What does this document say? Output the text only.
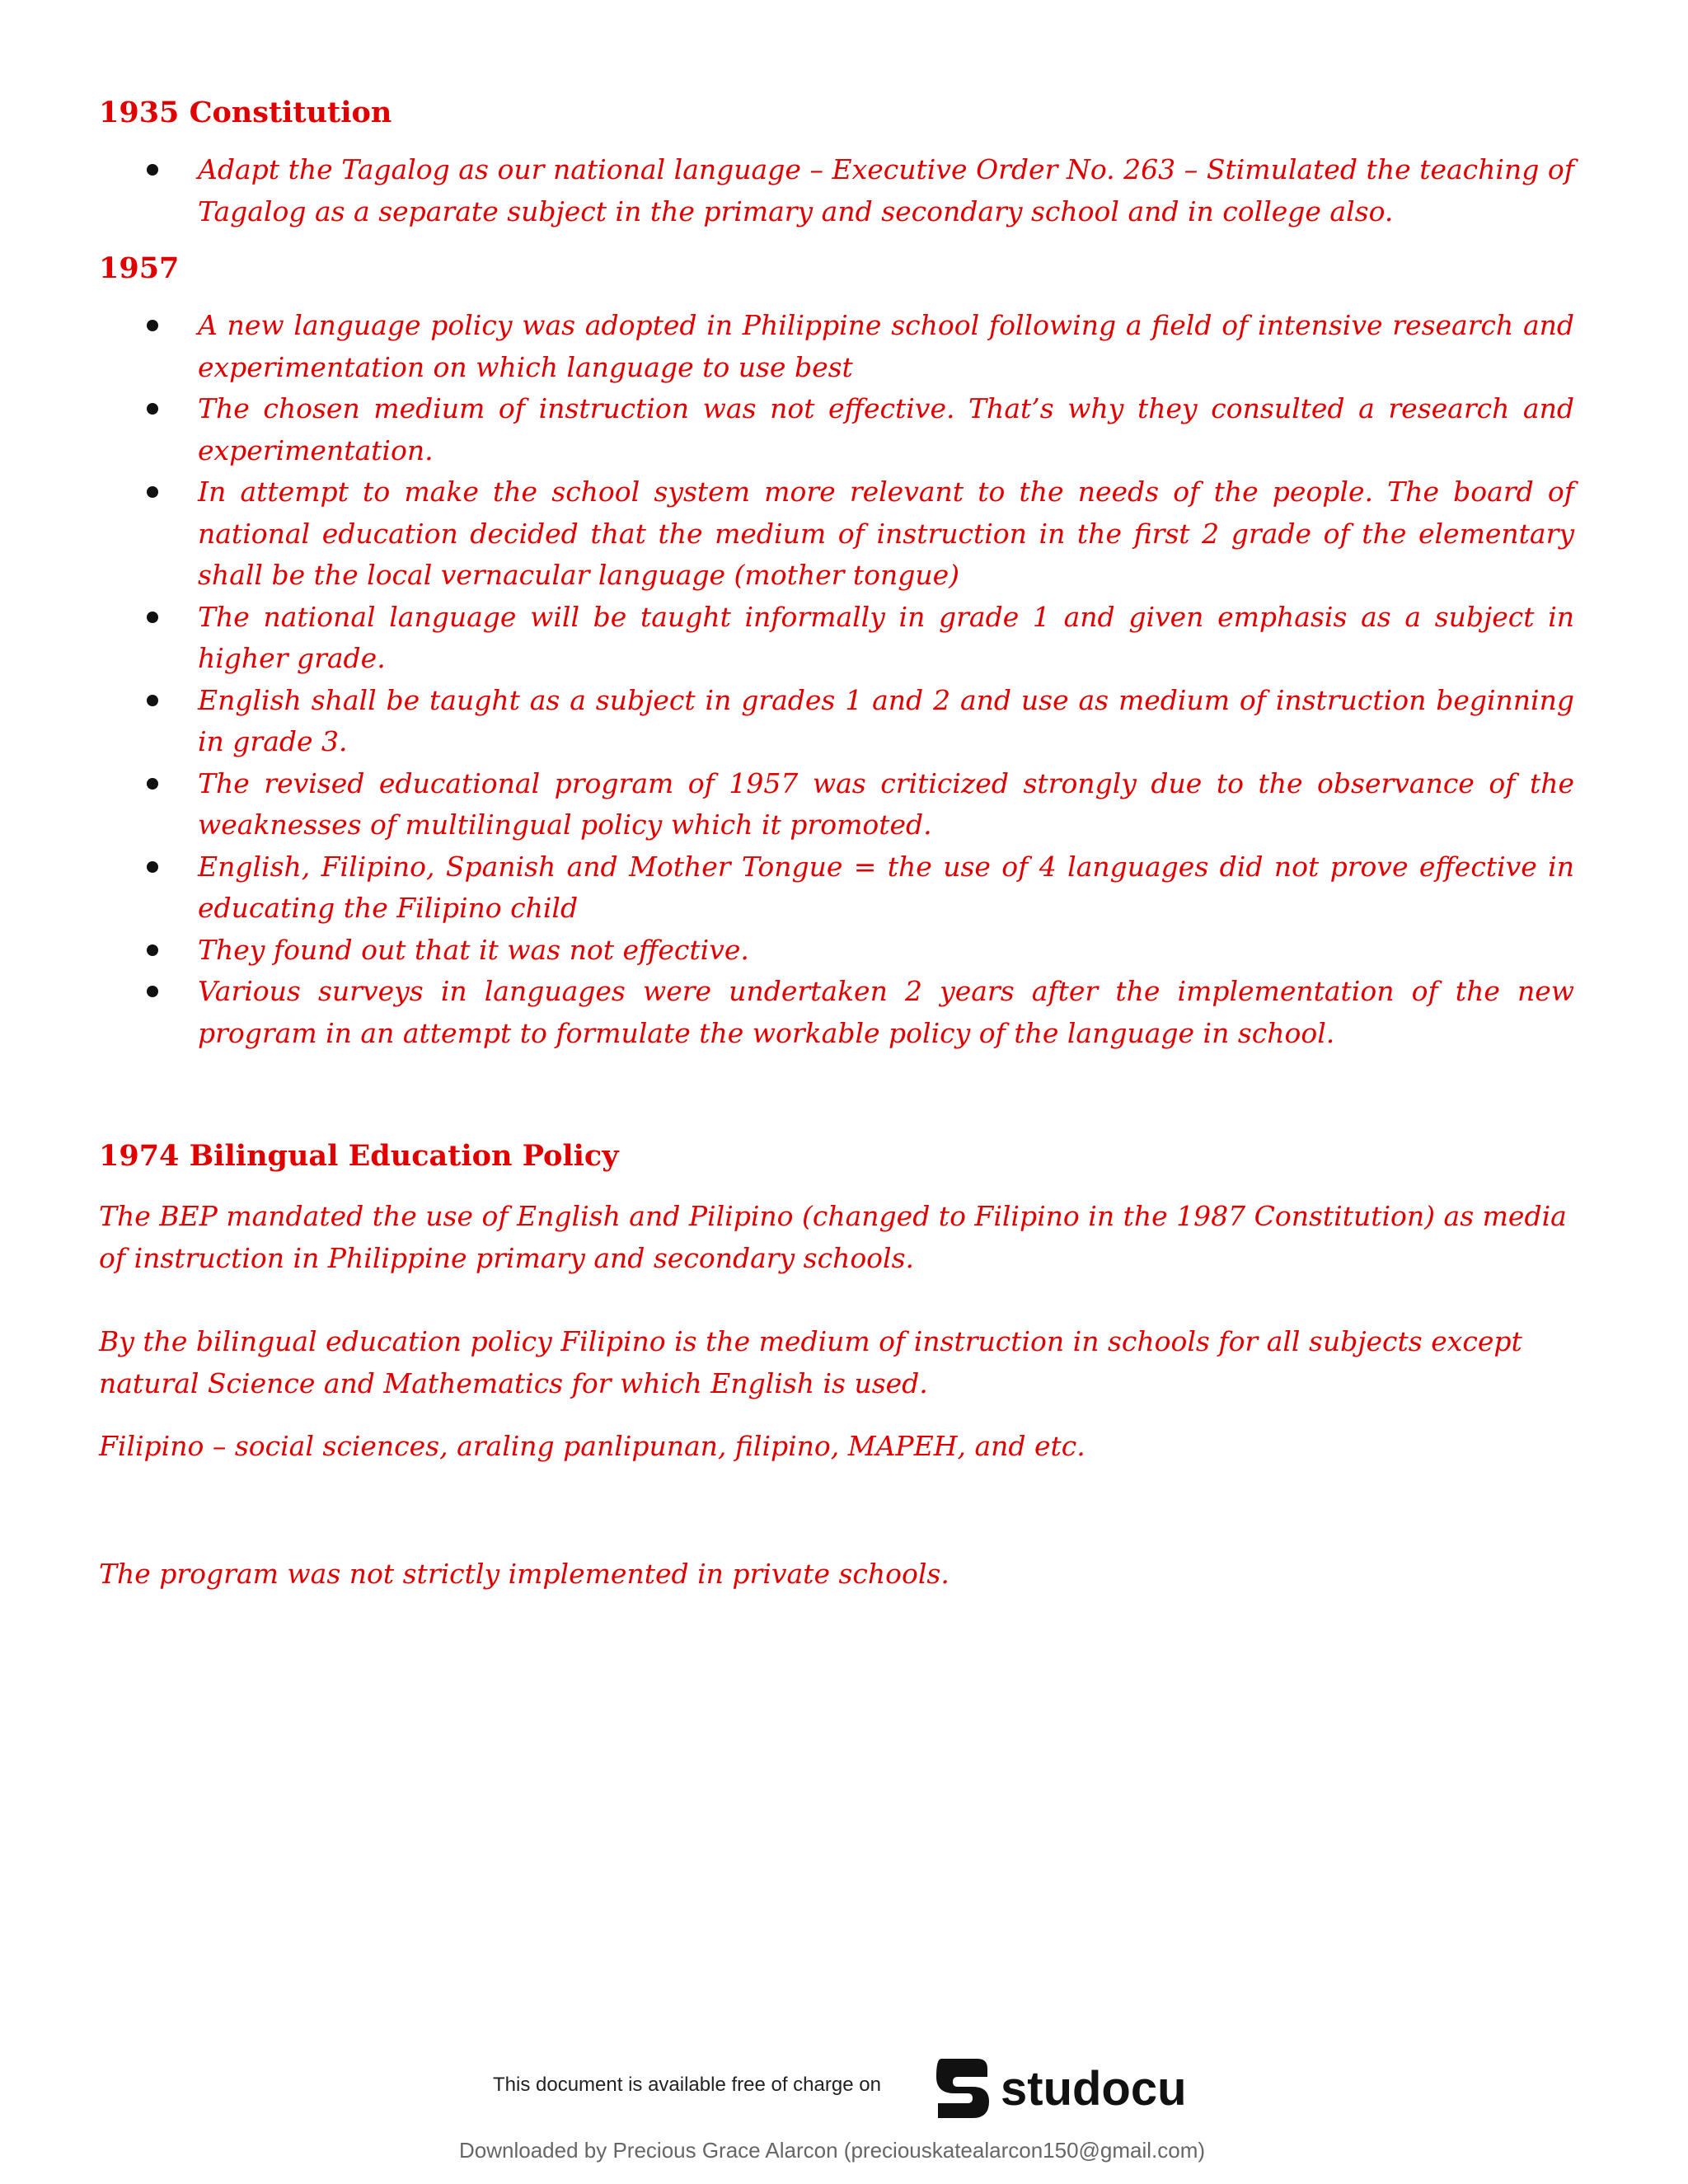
1935 Constitution
Adapt the Tagalog as our national language – Executive Order No. 263 – Stimulated the teaching of Tagalog as a separate subject in the primary and secondary school and in college also.
1957
A new language policy was adopted in Philippine school following a field of intensive research and experimentation on which language to use best
The chosen medium of instruction was not effective. That’s why they consulted a research and experimentation.
In attempt to make the school system more relevant to the needs of the people. The board of national education decided that the medium of instruction in the first 2 grade of the elementary shall be the local vernacular language (mother tongue)
The national language will be taught informally in grade 1 and given emphasis as a subject in higher grade.
English shall be taught as a subject in grades 1 and 2 and use as medium of instruction beginning in grade 3.
The revised educational program of 1957 was criticized strongly due to the observance of the weaknesses of multilingual policy which it promoted.
English, Filipino, Spanish and Mother Tongue = the use of 4 languages did not prove effective in educating the Filipino child
They found out that it was not effective.
Various surveys in languages were undertaken 2 years after the implementation of the new program in an attempt to formulate the workable policy of the language in school.
1974 Bilingual Education Policy

The BEP mandated the use of English and Pilipino (changed to Filipino in the 1987 Constitution) as media of instruction in Philippine primary and secondary schools.

By the bilingual education policy Filipino is the medium of instruction in schools for all subjects except natural Science and Mathematics for which English is used.

Filipino – social sciences, araling panlipunan, filipino, MAPEH, and etc.

The program was not strictly implemented in private schools.

This document is available free of charge on	studocu
Downloaded by Precious Grace Alarcon (preciouskatealarcon150@gmail.com)
